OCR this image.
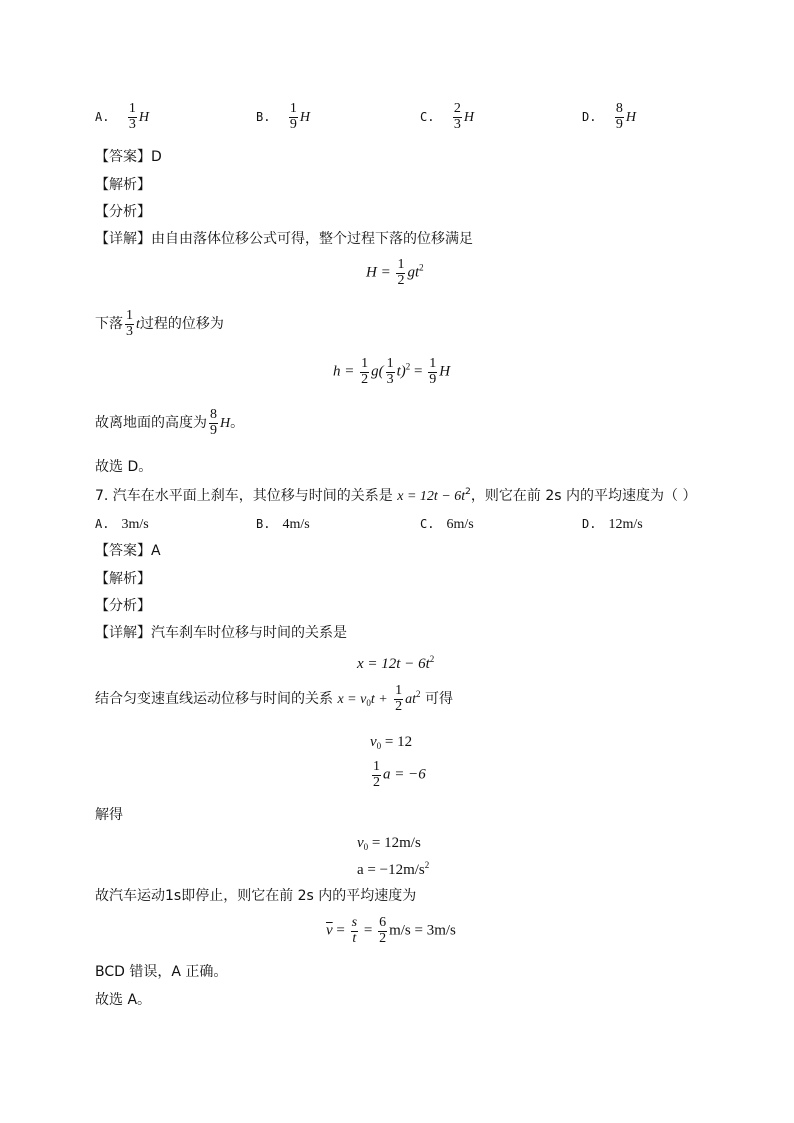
A. $\frac{1}{3}$ H	B. $\frac{1}{9}$ H	C. $\frac{2}{3}$ H	D. $\frac{8}{9}$ H
【答案】D
【解析】
【分析】
【详解】由自由落体位移公式可得，整个过程下落的位移满足
$H = \frac{1}{2} gt^2$
下落 $\frac{1}{3}$ t过程的位移为
$h = \frac{1}{2} g( \frac{1}{3} t)^2 = \frac{1}{9}$ H
故离地面的高度为 $\frac{8}{9}$ H。
故选 D。
7. 汽车在水平面上刹车，其位移与时间的关系是 $x = 12t - 6t^2$，则它在前 2s 内的平均速度为（ ）
A. 3m/s	B. 4m/s	C. 6m/s	D. 12m/s
【答案】A
【解析】
【分析】
【详解】汽车刹车时位移与时间的关系是
$x = 12t - 6t^2$
结合匀变速直线运动位移与时间的关系 $x = v_0t + \frac{1}{2} at^2$ 可得
$v_0 = 12$
$\frac{1}{2}$ a = −6
解得
$v_0 = 12m/s$
$a = -12m/s^2$
故汽车运动1s即停止，则它在前 2s 内的平均速度为
$\overline{v} = \frac{s}{t} = \frac{6}{2} m/s = 3m/s$
BCD 错误，A 正确。
故选 A。
